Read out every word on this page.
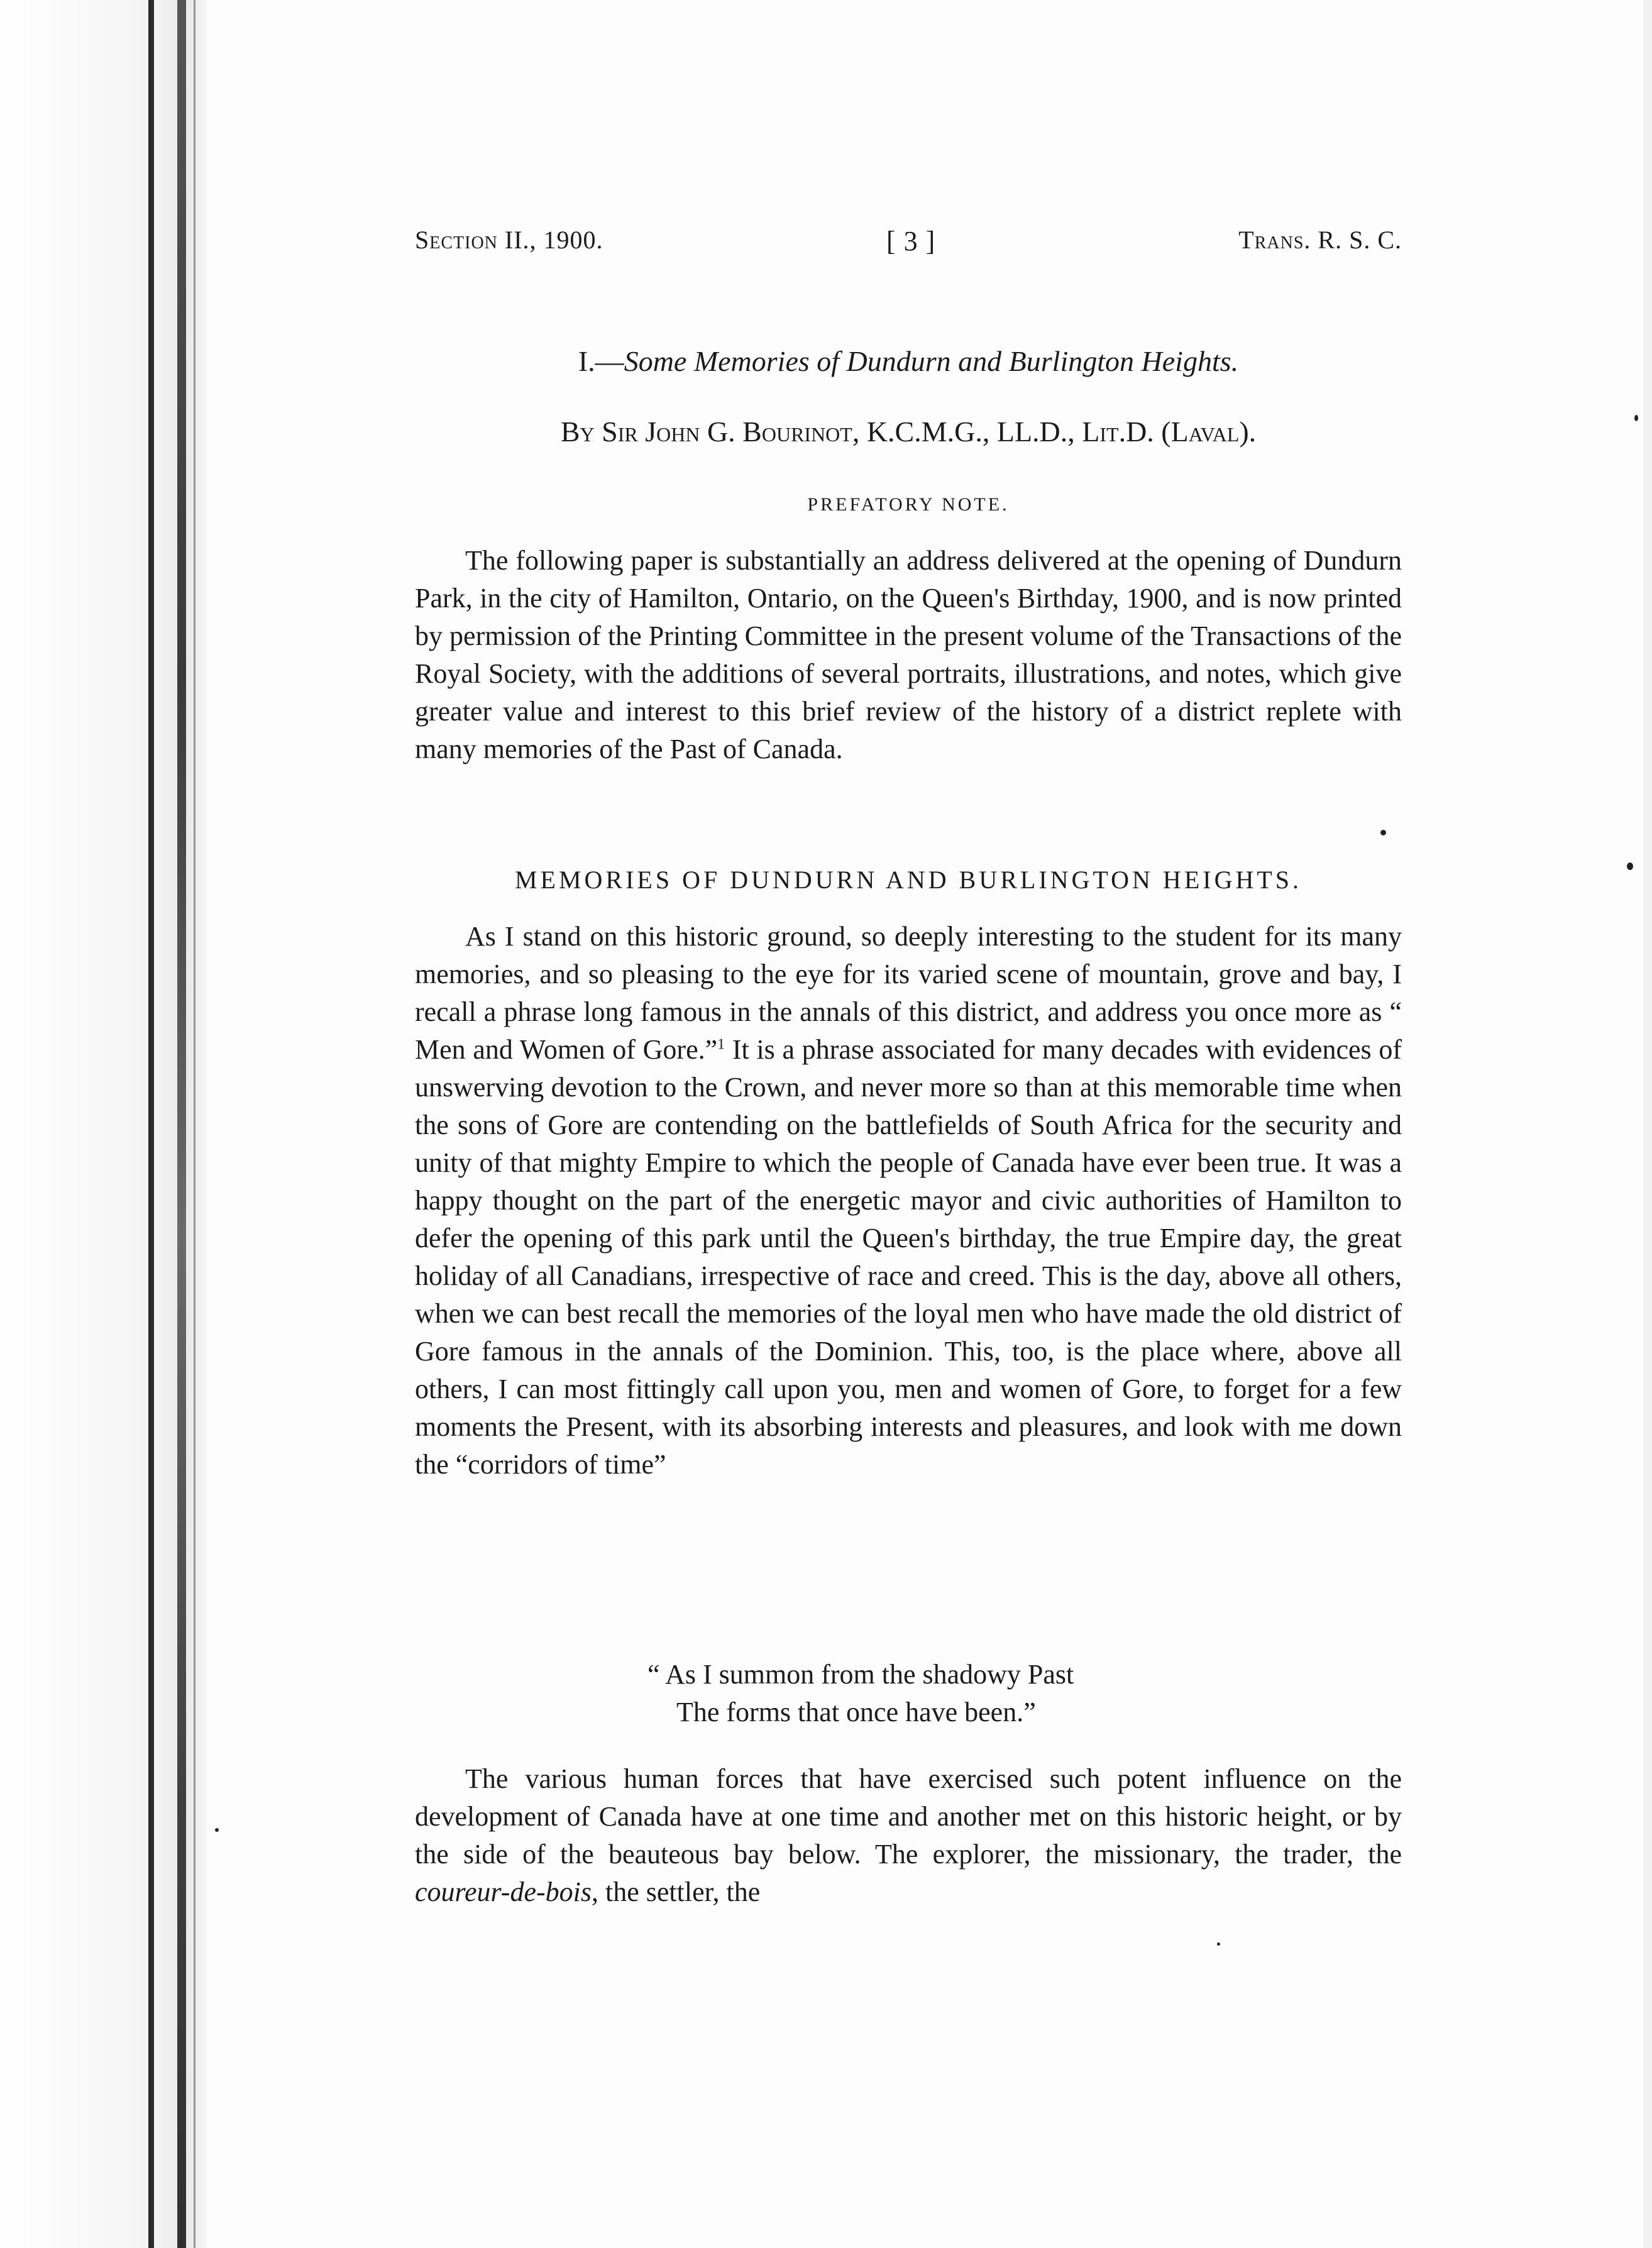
Section II., 1900.	[ 3 ]	Trans. R. S. C.
I.—Some Memories of Dundurn and Burlington Heights.
By Sir John G. Bourinot, K.C.M.G., LL.D., Lit.D. (Laval).
PREFATORY NOTE.

The following paper is substantially an address delivered at the opening of Dundurn Park, in the city of Hamilton, Ontario, on the Queen's Birthday, 1900, and is now printed by permission of the Printing Committee in the present volume of the Transactions of the Royal Society, with the additions of several portraits, illustrations, and notes, which give greater value and interest to this brief review of the history of a district replete with many memories of the Past of Canada.

MEMORIES OF DUNDURN AND BURLINGTON HEIGHTS.

As I stand on this historic ground, so deeply interesting to the student for its many memories, and so pleasing to the eye for its varied scene of mountain, grove and bay, I recall a phrase long famous in the annals of this district, and address you once more as “ Men and Women of Gore.”$^1$ It is a phrase associated for many decades with evidences of unswerving devotion to the Crown, and never more so than at this memorable time when the sons of Gore are contending on the battlefields of South Africa for the security and unity of that mighty Empire to which the people of Canada have ever been true. It was a happy thought on the part of the energetic mayor and civic authorities of Hamilton to defer the opening of this park until the Queen's birthday, the true Empire day, the great holiday of all Canadians, irrespective of race and creed. This is the day, above all others, when we can best recall the memories of the loyal men who have made the old district of Gore famous in the annals of the Dominion. This, too, is the place where, above all others, I can most fittingly call upon you, men and women of Gore, to forget for a few moments the Present, with its absorbing interests and pleasures, and look with me down the “corridors of time”

“ As I summon from the shadowy Past
The forms that once have been.”

The various human forces that have exercised such potent influence on the development of Canada have at one time and another met on this historic height, or by the side of the beauteous bay below. The explorer, the missionary, the trader, the coureur-de-bois, the settler, the
